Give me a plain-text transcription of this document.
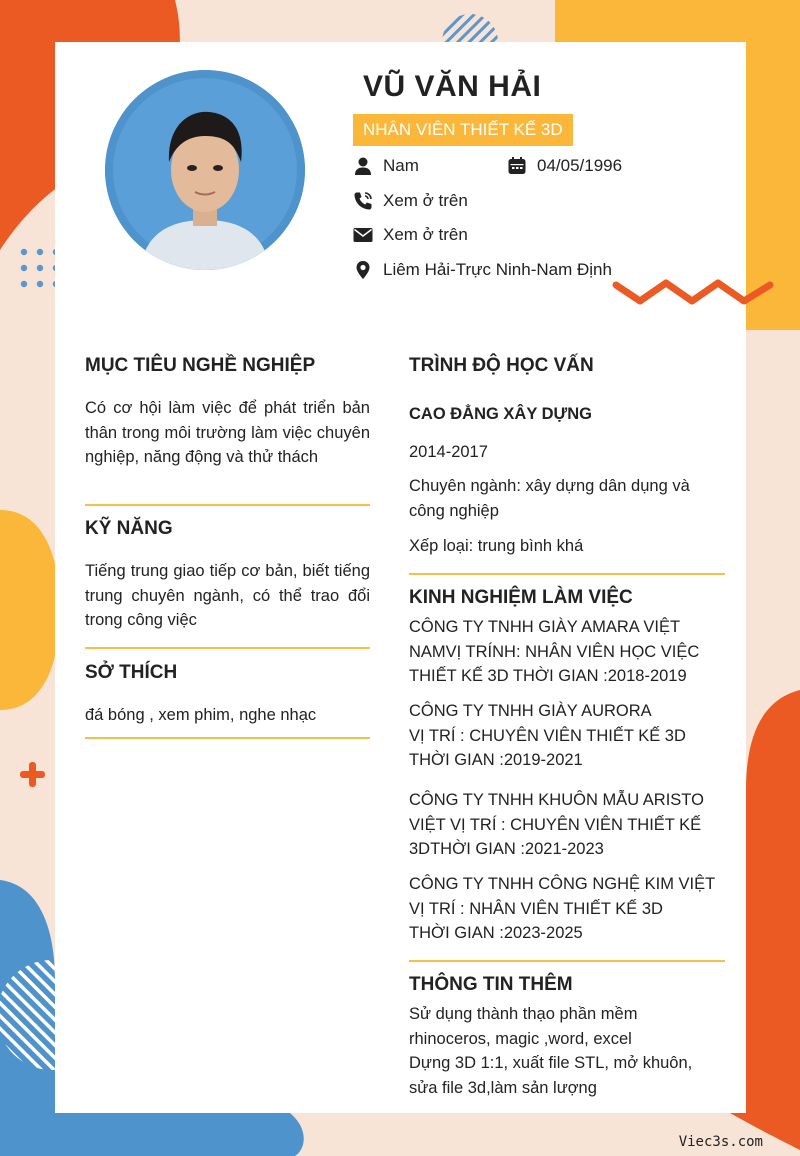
VŨ VĂN HẢI
NHÂN VIÊN THIẾT KẾ 3D
Nam	04/05/1996
Xem ở trên
Xem ở trên
Liêm Hải-Trực Ninh-Nam Định
MỤC TIÊU NGHỀ NGHIỆP
Có cơ hội làm việc để phát triển bản thân trong môi trường làm việc chuyên nghiệp, năng động và thử thách
KỸ NĂNG
Tiếng trung giao tiếp cơ bản, biết tiếng trung chuyên ngành, có thể trao đổi trong công việc
SỞ THÍCH
đá bóng , xem phim, nghe nhạc
TRÌNH ĐỘ HỌC VẤN
CAO ĐẲNG XÂY DỰNG
2014-2017
Chuyên ngành: xây dựng dân dụng và công nghiệp
Xếp loại: trung bình khá
KINH NGHIỆM LÀM VIỆC
CÔNG TY TNHH GIÀY AMARA VIỆT NAMVỊ TRÍNH: NHÂN VIÊN HỌC VIỆC THIẾT KẾ 3D THỜI GIAN :2018-2019
CÔNG TY TNHH GIÀY AURORA
VỊ TRÍ : CHUYÊN VIÊN THIẾT KẾ 3D
THỜI GIAN :2019-2021
CÔNG TY TNHH KHUÔN MẪU ARISTO VIỆT VỊ TRÍ : CHUYÊN VIÊN THIẾT KẾ 3DTHỜI GIAN :2021-2023
CÔNG TY TNHH CÔNG NGHỆ KIM VIỆT
VỊ TRÍ : NHÂN VIÊN THIẾT KẾ 3D
THỜI GIAN :2023-2025
THÔNG TIN THÊM
Sử dụng thành thạo phần mềm
rhinoceros, magic ,word, excel
Dựng 3D 1:1, xuất file STL, mở khuôn,
sửa file 3d,làm sản lượng
Viec3s.com
